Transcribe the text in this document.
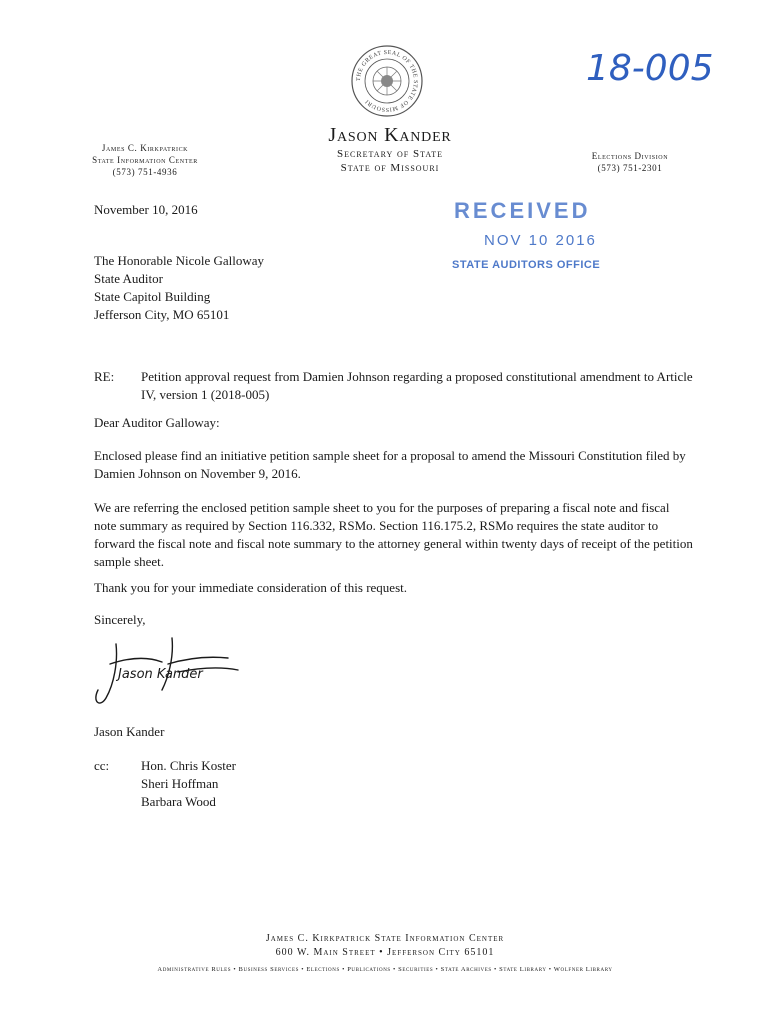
THE GREAT SEAL OF THE STATE OF MISSOURI
18-005
James C. Kirkpatrick
State Information Center
(573) 751-4936
Jason Kander
Secretary of State
State of Missouri
Elections Division
(573) 751-2301
November 10, 2016	RECEIVED
NOV 10 2016
STATE AUDITORS OFFICE
The Honorable Nicole Galloway
State Auditor
State Capitol Building
Jefferson City, MO 65101
RE: Petition approval request from Damien Johnson regarding a proposed constitutional amendment to Article IV, version 1 (2018-005)
Dear Auditor Galloway:
Enclosed please find an initiative petition sample sheet for a proposal to amend the Missouri Constitution filed by Damien Johnson on November 9, 2016.
We are referring the enclosed petition sample sheet to you for the purposes of preparing a fiscal note and fiscal note summary as required by Section 116.332, RSMo. Section 116.175.2, RSMo requires the state auditor to forward the fiscal note and fiscal note summary to the attorney general within twenty days of receipt of the petition sample sheet.
Thank you for your immediate consideration of this request.
Sincerely,
Jason Kander
Jason Kander
cc: Hon. Chris Koster
Sheri Hoffman
Barbara Wood
James C. Kirkpatrick State Information Center
600 W. Main Street • Jefferson City 65101
Administrative Rules • Business Services • Elections • Publications • Securities • State Archives • State Library • Wolfner Library
